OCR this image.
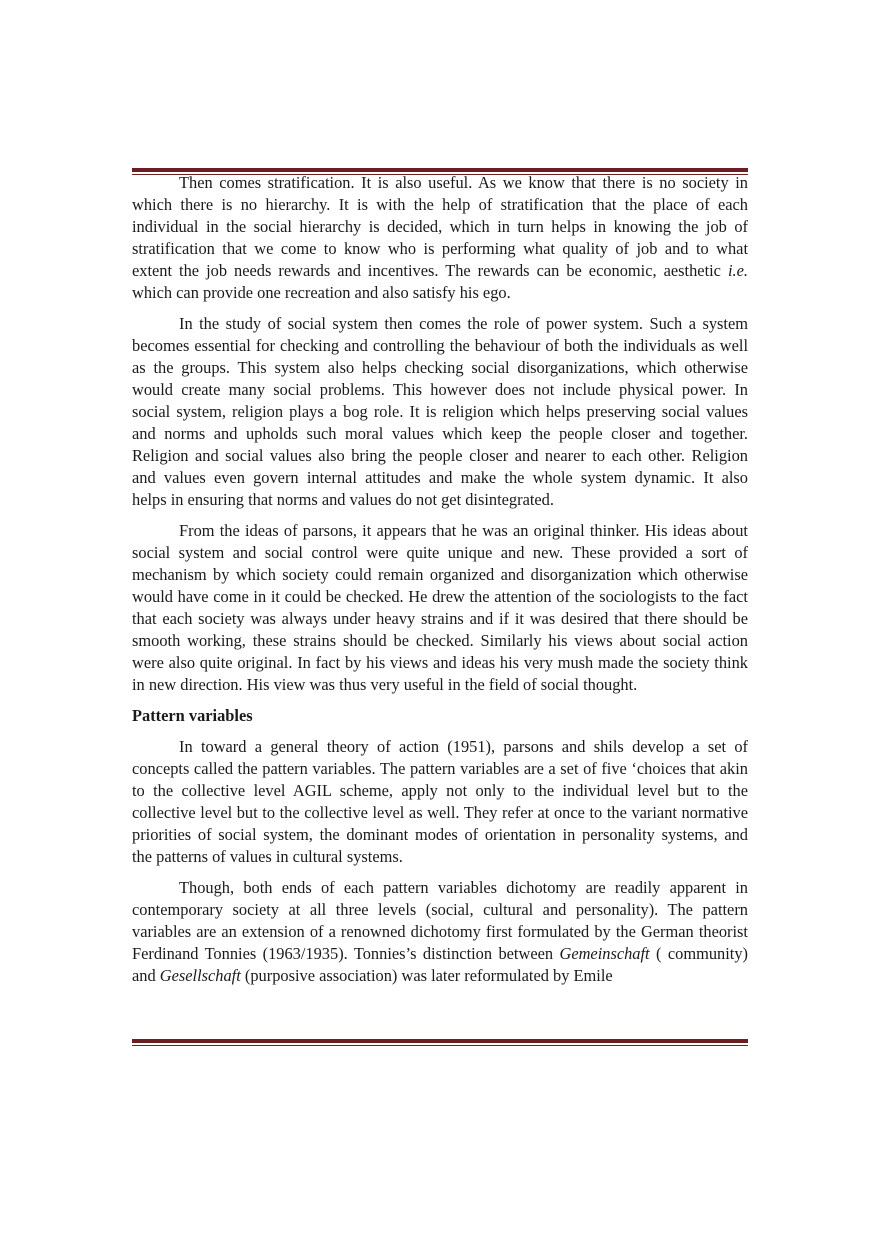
Then comes stratification. It is also useful. As we know that there is no society in
which there is no hierarchy. It is with the help of stratification that the place of each
individual in the social hierarchy is decided, which in turn helps in knowing the job of
stratification that we come to know who is performing what quality of job and to what
extent the job needs rewards and incentives. The rewards can be economic, aesthetic i.e.
which can provide one recreation and also satisfy his ego.
In the study of social system then comes the role of power system. Such a system
becomes essential for checking and controlling the behaviour of both the individuals as well
as the groups. This system also helps checking social disorganizations, which otherwise
would create many social problems. This however does not include physical power. In
social system, religion plays a bog role. It is religion which helps preserving social values
and norms and upholds such moral values which keep the people closer and together.
Religion and social values also bring the people closer and nearer to each other. Religion
and values even govern internal attitudes and make the whole system dynamic. It also
helps in ensuring that norms and values do not get disintegrated.
From the ideas of parsons, it appears that he was an original thinker. His ideas about
social system and social control were quite unique and new. These provided a sort of
mechanism by which society could remain organized and disorganization which otherwise
would have come in it could be checked. He drew the attention of the sociologists to the fact
that each society was always under heavy strains and if it was desired that there should be
smooth working, these strains should be checked. Similarly his views about social action
were also quite original. In fact by his views and ideas his very mush made the society think
in new direction. His view was thus very useful in the field of social thought.
Pattern variables
In toward a general theory of action (1951), parsons and shils develop a set of
concepts called the pattern variables. The pattern variables are a set of five ‘choices that akin
to the collective level AGIL scheme, apply not only to the individual level but to the
collective level but to the collective level as well. They refer at once to the variant normative
priorities of social system, the dominant modes of orientation in personality systems, and
the patterns of values in cultural systems.
Though, both ends of each pattern variables dichotomy are readily apparent in
contemporary society at all three levels (social, cultural and personality). The pattern
variables are an extension of a renowned dichotomy first formulated by the German theorist
Ferdinand Tonnies (1963/1935). Tonnies’s distinction between Gemeinschaft ( community)
and Gesellschaft (purposive association) was later reformulated by Emile
